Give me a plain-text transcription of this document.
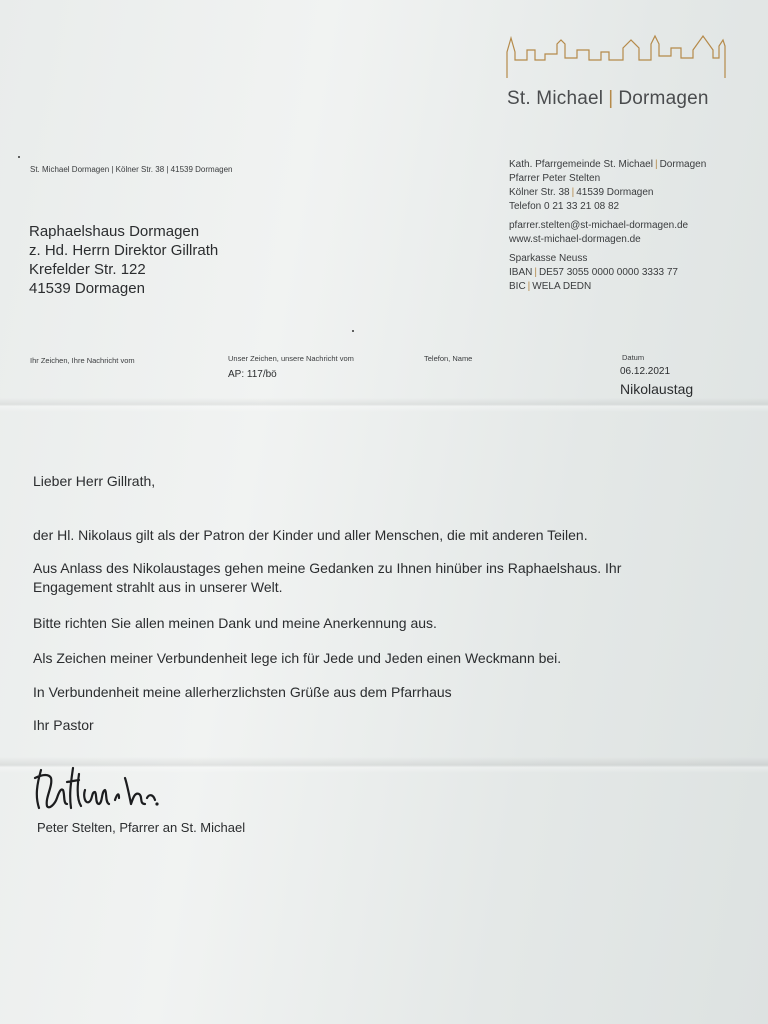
St. Michael | Dormagen
St. Michael Dormagen | Kölner Str. 38 | 41539 Dormagen	Kath. Pfarrgemeinde St. Michael | Dormagen
Pfarrer Peter Stelten
Kölner Str. 38 | 41539 Dormagen
Telefon 0 21 33 21 08 82
pfarrer.stelten@st-michael-dormagen.de
www.st-michael-dormagen.de
Sparkasse Neuss
IBAN | DE57 3055 0000 0000 3333 77
BIC | WELA DEDN
Raphaelshaus Dormagen
z. Hd. Herrn Direktor Gillrath
Krefelder Str. 122
41539 Dormagen
Ihr Zeichen, Ihre Nachricht vom	Unser Zeichen, unsere Nachricht vom
AP: 117/bö
Telefon, Name	Datum
06.12.2021
Nikolaustag
Lieber Herr Gillrath,
der Hl. Nikolaus gilt als der Patron der Kinder und aller Menschen, die mit anderen Teilen.
Aus Anlass des Nikolaustages gehen meine Gedanken zu Ihnen hinüber ins Raphaelshaus. Ihr Engagement strahlt aus in unserer Welt.
Bitte richten Sie allen meinen Dank und meine Anerkennung aus.
Als Zeichen meiner Verbundenheit lege ich für Jede und Jeden einen Weckmann bei.
In Verbundenheit meine allerherzlichsten Grüße aus dem Pfarrhaus
Ihr Pastor
Peter Stelten, Pfarrer an St. Michael
